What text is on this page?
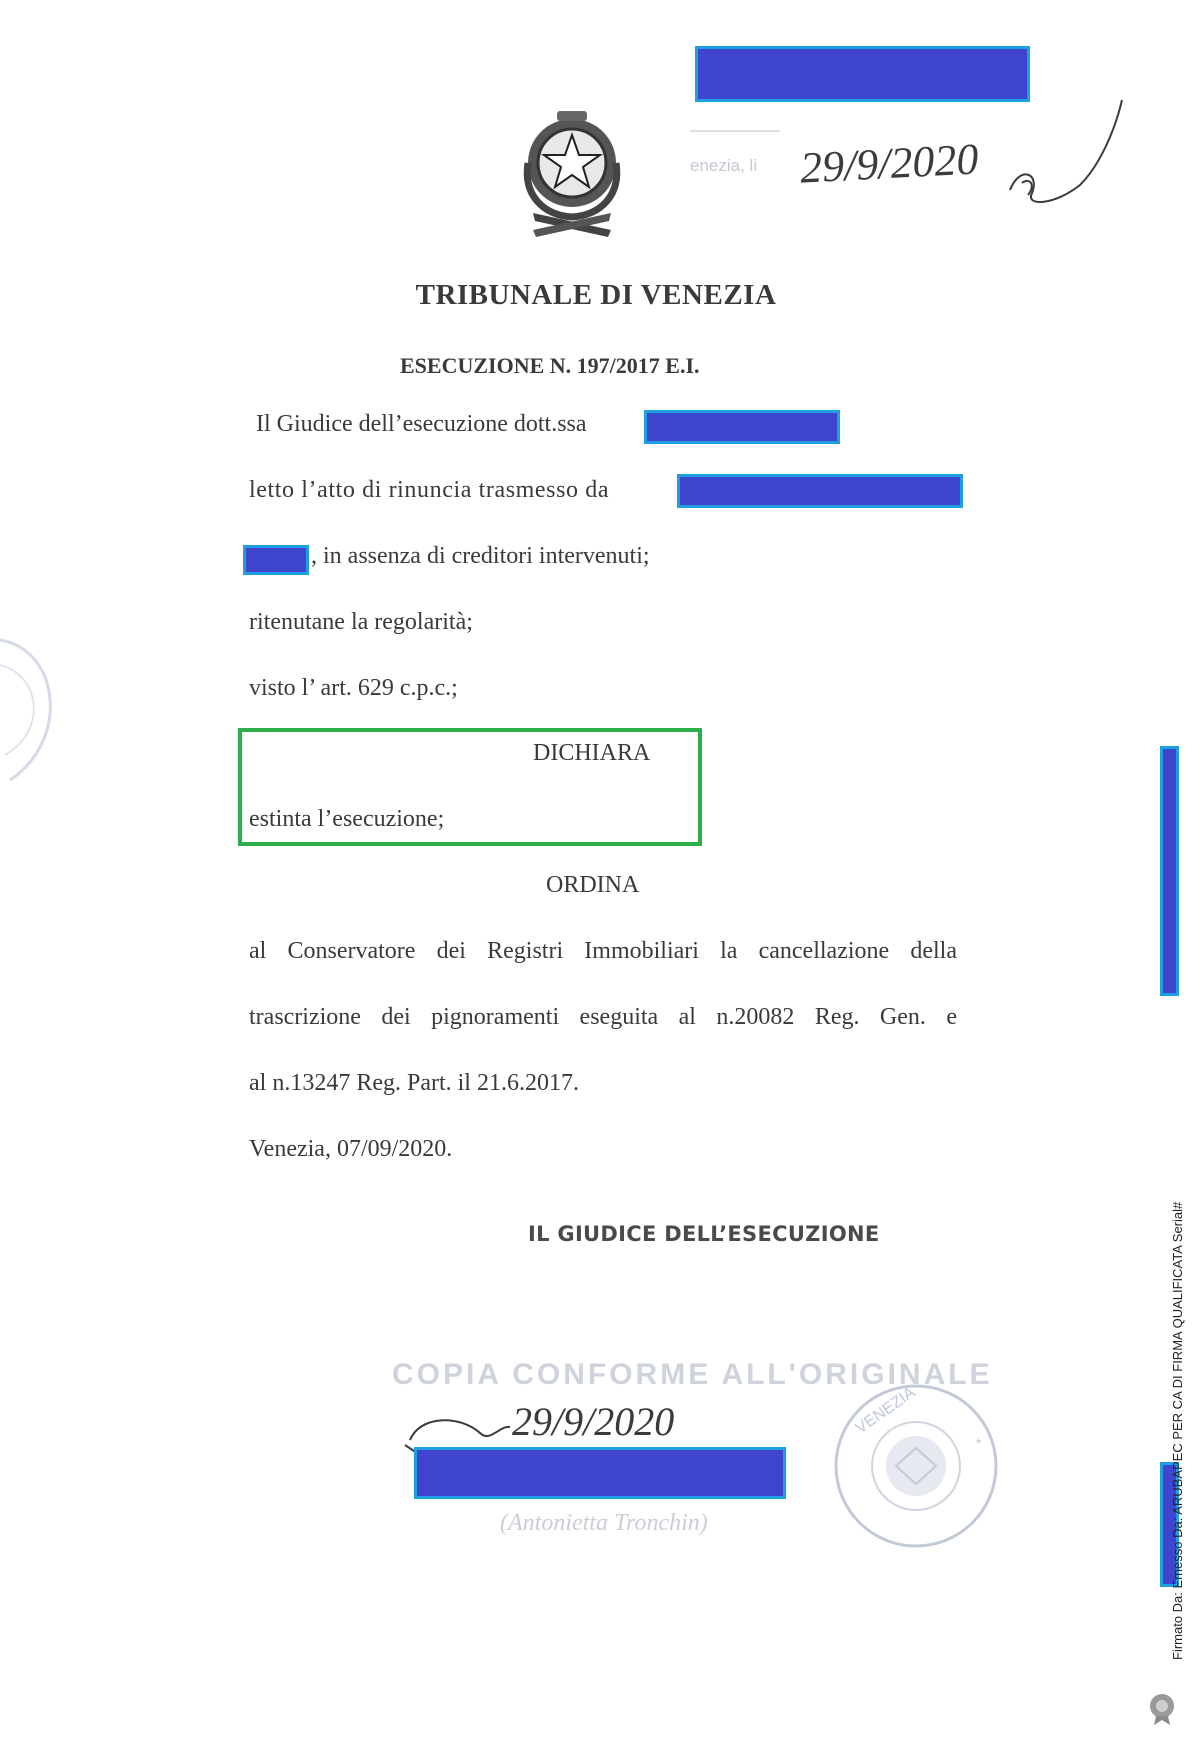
enezia, li 29/9/2020
TRIBUNALE DI VENEZIA
ESECUZIONE N. 197/2017 E.I.
Il Giudice dell’esecuzione dott.ssa
letto l’atto di rinuncia trasmesso da
, in assenza di creditori intervenuti;
ritenutane la regolarità;
visto l’ art. 629 c.p.c.;
DICHIARA
estinta l’esecuzione;
ORDINA
al Conservatore dei Registri Immobiliari la cancellazione della
trascrizione dei pignoramenti eseguita al n.20082 Reg. Gen. e
al n.13247 Reg. Part. il 21.6.2017.
Venezia, 07/09/2020.
IL GIUDICE DELL’ESECUZIONE
COPIA CONFORME ALL'ORIGINALE
29/9/2020
(Antonietta Tronchin)
VENEZIA
*	Firmato Da: Emesso Da: ARUBAPEC PER CA DI FIRMA QUALIFICATA Serial#
